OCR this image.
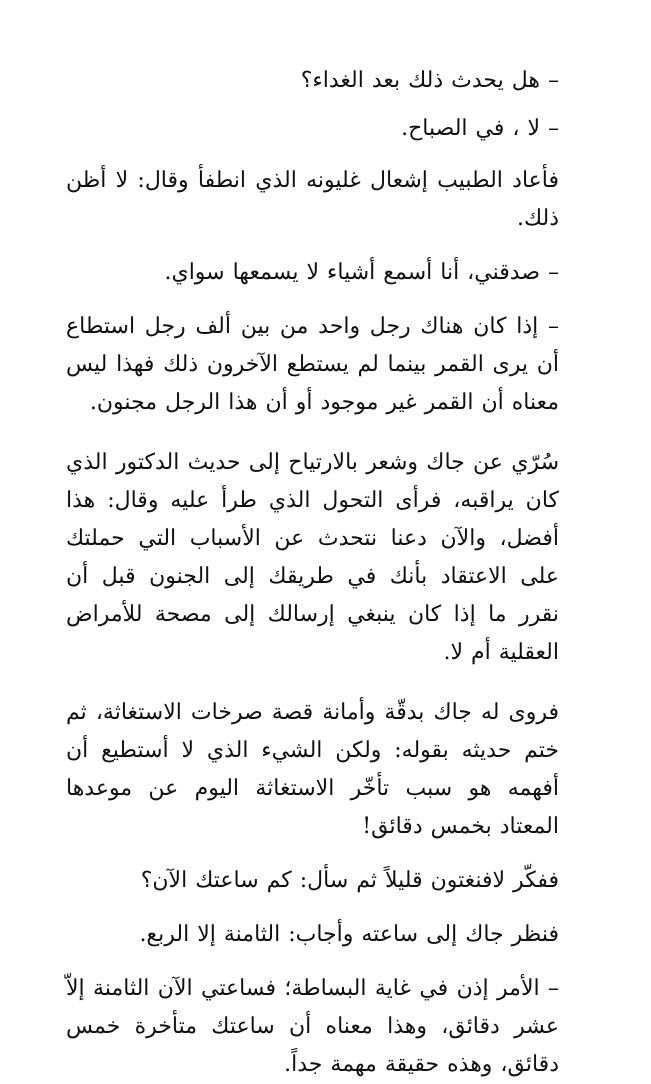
– هل يحدث ذلك بعد الغداء؟

– لا ، في الصباح.

فأعاد الطبيب إشعال غليونه الذي انطفأ وقال: لا أظن ذلك.

– صدقني، أنا أسمع أشياء لا يسمعها سواي.

– إذا كان هناك رجل واحد من بين ألف رجل استطاع أن يرى القمر بينما لم يستطع الآخرون ذلك فهذا ليس معناه أن القمر غير موجود أو أن هذا الرجل مجنون.

سُرّي عن جاك وشعر بالارتياح إلى حديث الدكتور الذي كان يراقبه، فرأى التحول الذي طرأ عليه وقال: هذا أفضل، والآن دعنا نتحدث عن الأسباب التي حملتك على الاعتقاد بأنك في طريقك إلى الجنون قبل أن نقرر ما إذا كان ينبغي إرسالك إلى مصحة للأمراض العقلية أم لا.

فروى له جاك بدقّة وأمانة قصة صرخات الاستغاثة، ثم ختم حديثه بقوله: ولكن الشيء الذي لا أستطيع أن أفهمه هو سبب تأخّر الاستغاثة اليوم عن موعدها المعتاد بخمس دقائق!

ففكّر لافنغتون قليلاً ثم سأل: كم ساعتك الآن؟

فنظر جاك إلى ساعته وأجاب: الثامنة إلا الربع.

– الأمر إذن في غاية البساطة؛ فساعتي الآن الثامنة إلاّ عشر دقائق، وهذا معناه أن ساعتك متأخرة خمس دقائق، وهذه حقيقة مهمة جداً.
